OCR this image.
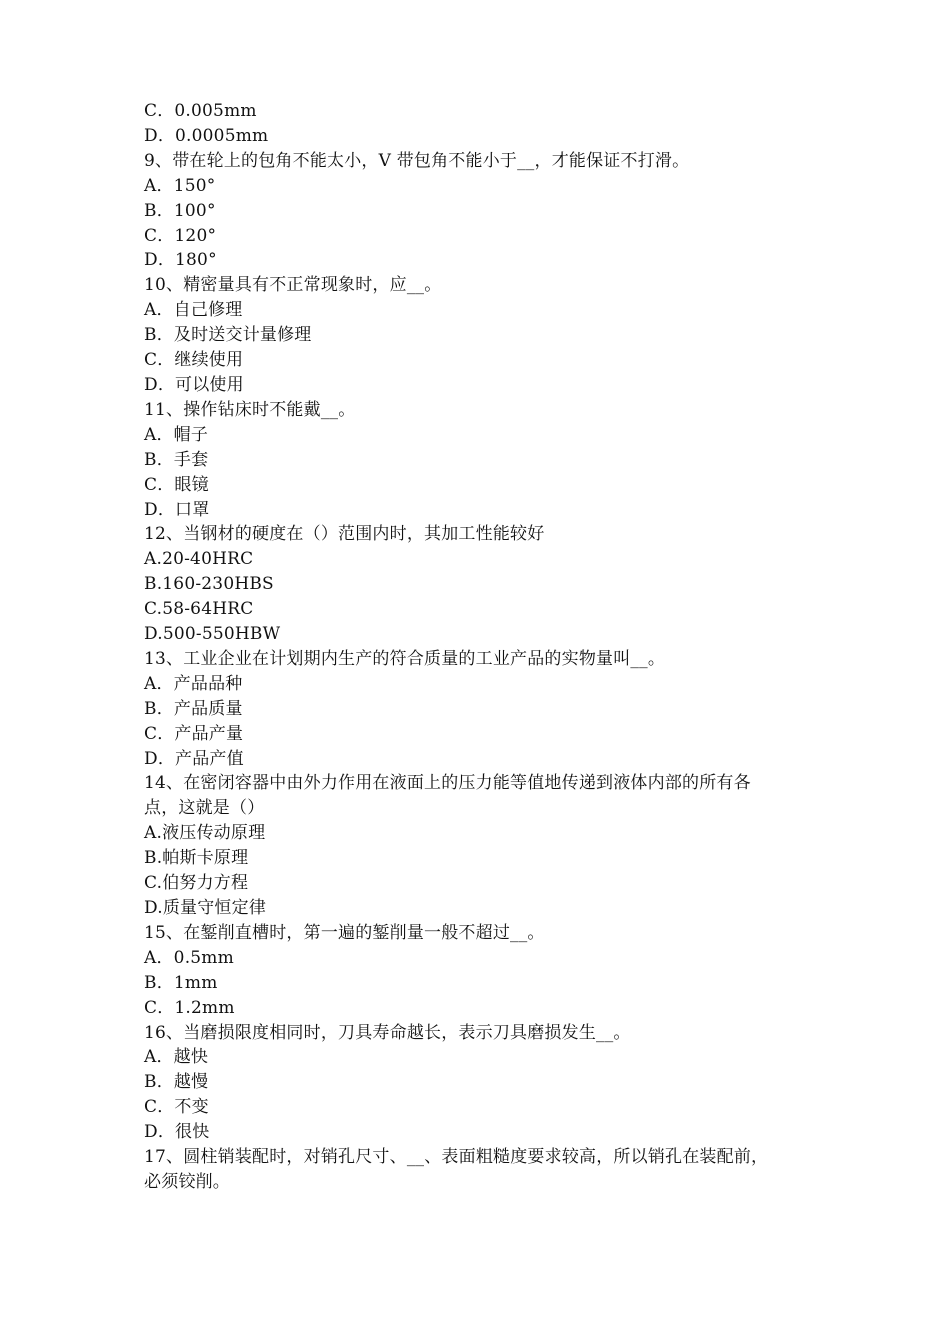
C．0.005mm
D．0.0005mm
9、带在轮上的包角不能太小，V 带包角不能小于__，才能保证不打滑。
A．150°
B．100°
C．120°
D．180°
10、精密量具有不正常现象时，应__。
A．自己修理
B．及时送交计量修理
C．继续使用
D．可以使用
11、操作钻床时不能戴__。
A．帽子
B．手套
C．眼镜
D．口罩
12、当钢材的硬度在（）范围内时，其加工性能较好
A.20-40HRC
B.160-230HBS
C.58-64HRC
D.500-550HBW
13、工业企业在计划期内生产的符合质量的工业产品的实物量叫__。
A．产品品种
B．产品质量
C．产品产量
D．产品产值
14、在密闭容器中由外力作用在液面上的压力能等值地传递到液体内部的所有各
点，这就是（）
A.液压传动原理
B.帕斯卡原理
C.伯努力方程
D.质量守恒定律
15、在錾削直槽时，第一遍的錾削量一般不超过__。
A．0.5mm
B．1mm
C．1.2mm
16、当磨损限度相同时，刀具寿命越长，表示刀具磨损发生__。
A．越快
B．越慢
C．不变
D．很快
17、圆柱销装配时，对销孔尺寸、__、表面粗糙度要求较高，所以销孔在装配前，
必须铰削。
